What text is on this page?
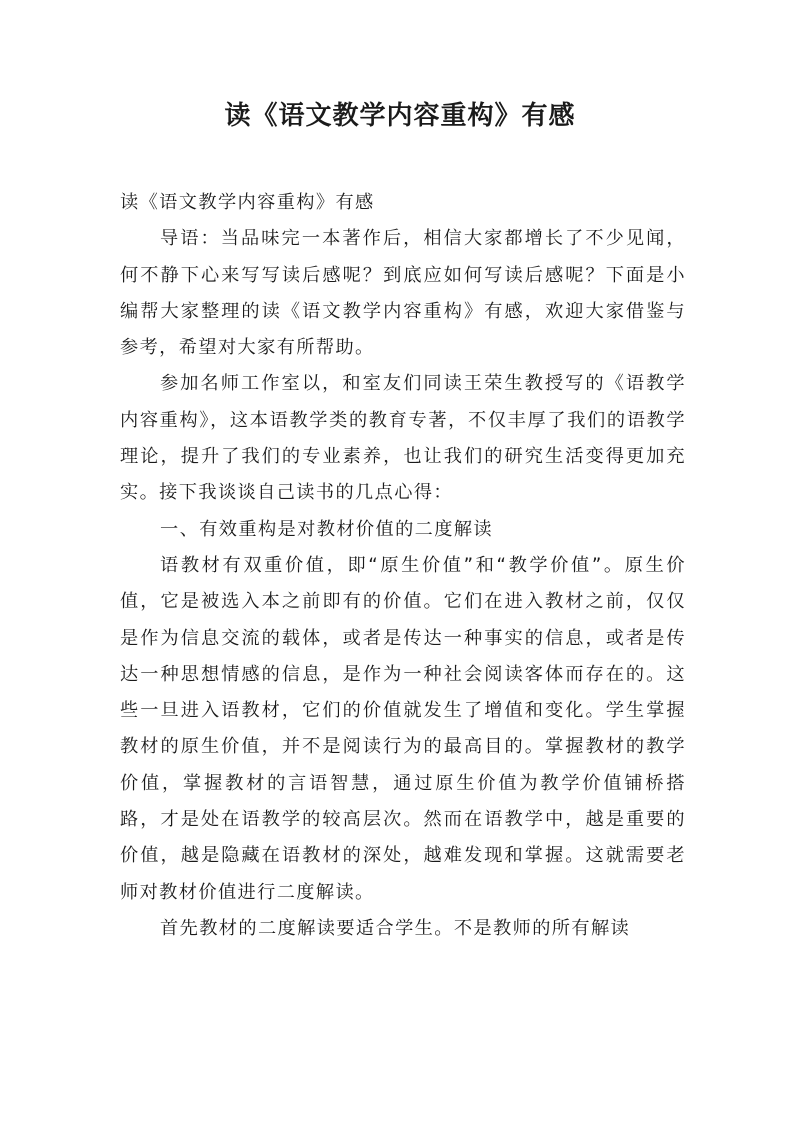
读《语文教学内容重构》有感

读《语文教学内容重构》有感

导语：当品味完一本著作后，相信大家都增长了不少见闻，何不静下心来写写读后感呢？到底应如何写读后感呢？下面是小编帮大家整理的读《语文教学内容重构》有感，欢迎大家借鉴与参考，希望对大家有所帮助。

参加名师工作室以，和室友们同读王荣生教授写的《语教学内容重构》，这本语教学类的教育专著，不仅丰厚了我们的语教学理论，提升了我们的专业素养，也让我们的研究生活变得更加充实。接下我谈谈自己读书的几点心得：

一、有效重构是对教材价值的二度解读

语教材有双重价值，即“原生价值”和“教学价值”。原生价值，它是被选入本之前即有的价值。它们在进入教材之前，仅仅是作为信息交流的载体，或者是传达一种事实的信息，或者是传达一种思想情感的信息，是作为一种社会阅读客体而存在的。这些一旦进入语教材，它们的价值就发生了增值和变化。学生掌握教材的原生价值，并不是阅读行为的最高目的。掌握教材的教学价值，掌握教材的言语智慧，通过原生价值为教学价值铺桥搭路，才是处在语教学的较高层次。然而在语教学中，越是重要的价值，越是隐藏在语教材的深处，越难发现和掌握。这就需要老师对教材价值进行二度解读。

首先教材的二度解读要适合学生。不是教师的所有解读
